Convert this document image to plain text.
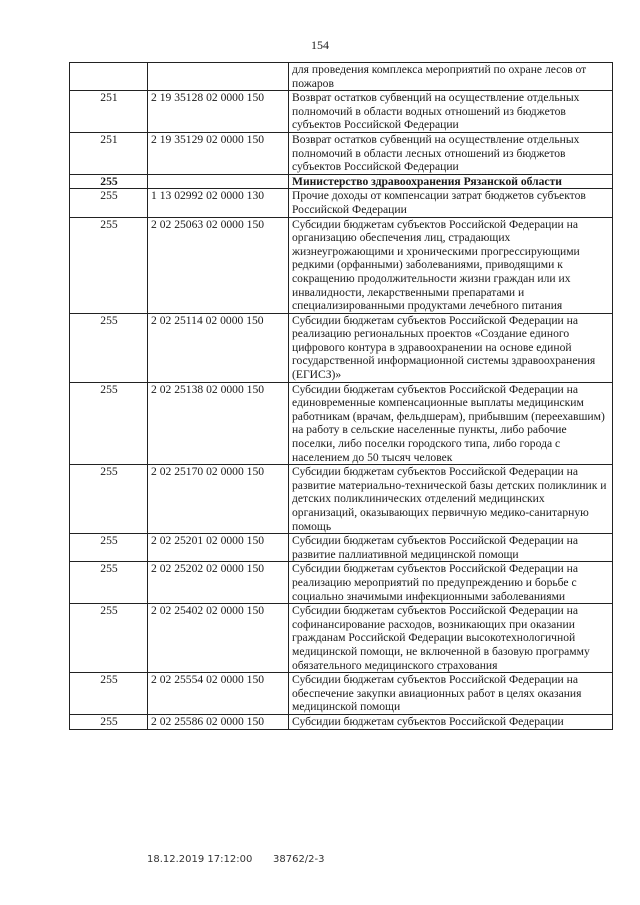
154
		для проведения комплекса мероприятий по охране лесов от пожаров
251	2 19 35128 02 0000 150	Возврат остатков субвенций на осуществление отдельных полномочий в области водных отношений из бюджетов субъектов Российской Федерации
251	2 19 35129 02 0000 150	Возврат остатков субвенций на осуществление отдельных полномочий в области лесных отношений из бюджетов субъектов Российской Федерации
255		Министерство здравоохранения Рязанской области
255	1 13 02992 02 0000 130	Прочие доходы от компенсации затрат бюджетов субъектов Российской Федерации
255	2 02 25063 02 0000 150	Субсидии бюджетам субъектов Российской Федерации на организацию обеспечения лиц, страдающих жизнеугрожающими и хроническими прогрессирующими редкими (орфанными) заболеваниями, приводящими к сокращению продолжительности жизни граждан или их инвалидности, лекарственными препаратами и специализированными продуктами лечебного питания
255	2 02 25114 02 0000 150	Субсидии бюджетам субъектов Российской Федерации на реализацию региональных проектов «Создание единого цифрового контура в здравоохранении на основе единой государственной информационной системы здравоохранения (ЕГИСЗ)»
255	2 02 25138 02 0000 150	Субсидии бюджетам субъектов Российской Федерации на единовременные компенсационные выплаты медицинским работникам (врачам, фельдшерам), прибывшим (переехавшим) на работу в сельские населенные пункты, либо рабочие поселки, либо поселки городского типа, либо города с населением до 50 тысяч человек
255	2 02 25170 02 0000 150	Субсидии бюджетам субъектов Российской Федерации на развитие материально-технической базы детских поликлиник и детских поликлинических отделений медицинских организаций, оказывающих первичную медико-санитарную помощь
255	2 02 25201 02 0000 150	Субсидии бюджетам субъектов Российской Федерации на развитие паллиативной медицинской помощи
255	2 02 25202 02 0000 150	Субсидии бюджетам субъектов Российской Федерации на реализацию мероприятий по предупреждению и борьбе с социально значимыми инфекционными заболеваниями
255	2 02 25402 02 0000 150	Субсидии бюджетам субъектов Российской Федерации на софинансирование расходов, возникающих при оказании гражданам Российской Федерации высокотехнологичной медицинской помощи, не включенной в базовую программу обязательного медицинского страхования
255	2 02 25554 02 0000 150	Субсидии бюджетам субъектов Российской Федерации на обеспечение закупки авиационных работ в целях оказания медицинской помощи
255	2 02 25586 02 0000 150	Субсидии бюджетам субъектов Российской Федерации
18.12.2019 17:12:00 38762/2-3
